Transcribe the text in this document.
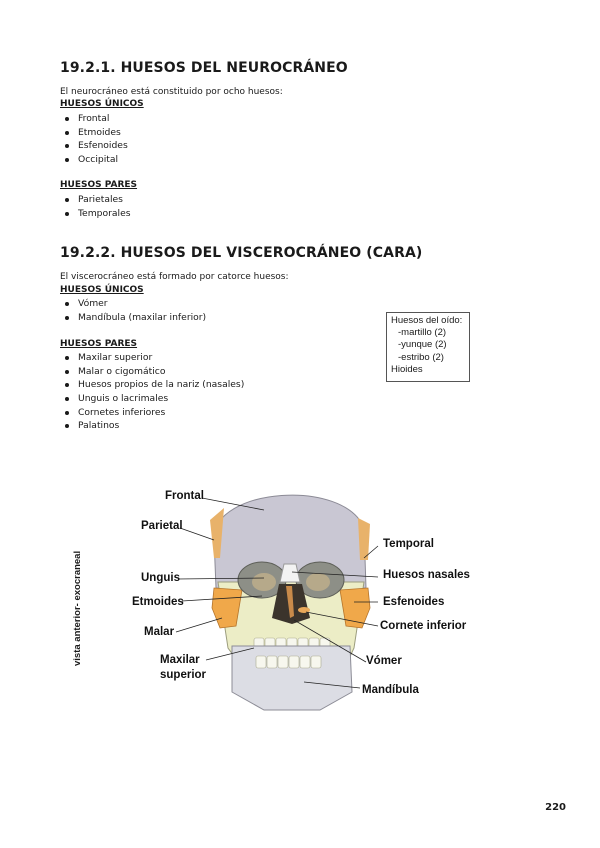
19.2.1. HUESOS DEL NEUROCRÁNEO

El neurocráneo está constituido por ocho huesos:

HUESOS ÚNICOS

Frontal
Etmoides
Esfenoides
Occipital

HUESOS PARES

Parietales
Temporales
19.2.2. HUESOS DEL VISCEROCRÁNEO (CARA)

El viscerocráneo está formado por catorce huesos:

HUESOS ÚNICOS

Vómer
Mandíbula (maxilar inferior)

HUESOS PARES

Maxilar superior
Malar o cigomático
Huesos propios de la nariz (nasales)
Unguis o lacrimales
Cornetes inferiores
Palatinos
Huesos del oído:
-martillo (2)
-yunque (2)
-estribo (2)
Hioides
vista anterior- exocraneal
Frontal
Parietal
Unguis
Etmoides
Malar
Maxilar
superior
Temporal
Huesos nasales
Esfenoides
Cornete inferior
Vómer
Mandíbula
220
